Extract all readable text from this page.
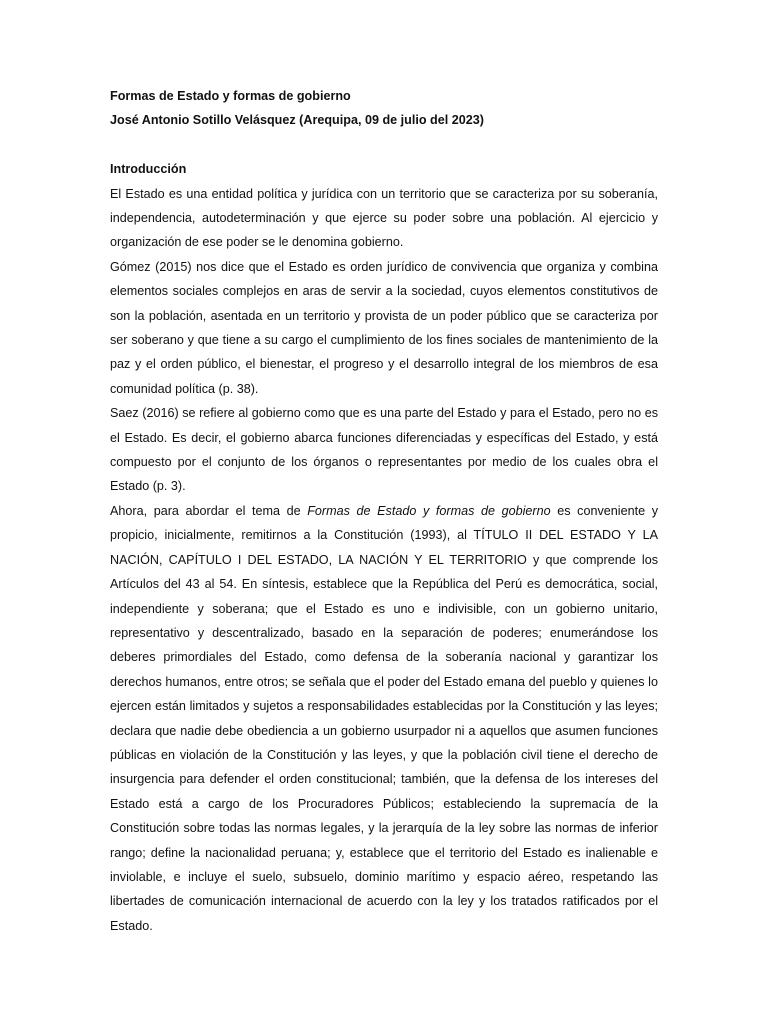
Formas de Estado y formas de gobierno
José Antonio Sotillo Velásquez (Arequipa, 09 de julio del 2023)
Introducción

El Estado es una entidad política y jurídica con un territorio que se caracteriza por su soberanía, independencia, autodeterminación y que ejerce su poder sobre una población. Al ejercicio y organización de ese poder se le denomina gobierno.

Gómez (2015) nos dice que el Estado es orden jurídico de convivencia que organiza y combina elementos sociales complejos en aras de servir a la sociedad, cuyos elementos constitutivos de son la población, asentada en un territorio y provista de un poder público que se caracteriza por ser soberano y que tiene a su cargo el cumplimiento de los fines sociales de mantenimiento de la paz y el orden público, el bienestar, el progreso y el desarrollo integral de los miembros de esa comunidad política (p. 38).

Saez (2016) se refiere al gobierno como que es una parte del Estado y para el Estado, pero no es el Estado. Es decir, el gobierno abarca funciones diferenciadas y específicas del Estado, y está compuesto por el conjunto de los órganos o representantes por medio de los cuales obra el Estado (p. 3).

Ahora, para abordar el tema de Formas de Estado y formas de gobierno es conveniente y propicio, inicialmente, remitirnos a la Constitución (1993), al TÍTULO II DEL ESTADO Y LA NACIÓN, CAPÍTULO I DEL ESTADO, LA NACIÓN Y EL TERRITORIO y que comprende los Artículos del 43 al 54. En síntesis, establece que la República del Perú es democrática, social, independiente y soberana; que el Estado es uno e indivisible, con un gobierno unitario, representativo y descentralizado, basado en la separación de poderes; enumerándose los deberes primordiales del Estado, como defensa de la soberanía nacional y garantizar los derechos humanos, entre otros; se señala que el poder del Estado emana del pueblo y quienes lo ejercen están limitados y sujetos a responsabilidades establecidas por la Constitución y las leyes; declara que nadie debe obediencia a un gobierno usurpador ni a aquellos que asumen funciones públicas en violación de la Constitución y las leyes, y que la población civil tiene el derecho de insurgencia para defender el orden constitucional; también, que la defensa de los intereses del Estado está a cargo de los Procuradores Públicos; estableciendo la supremacía de la Constitución sobre todas las normas legales, y la jerarquía de la ley sobre las normas de inferior rango; define la nacionalidad peruana; y, establece que el territorio del Estado es inalienable e inviolable, e incluye el suelo, subsuelo, dominio marítimo y espacio aéreo, respetando las libertades de comunicación internacional de acuerdo con la ley y los tratados ratificados por el Estado.
